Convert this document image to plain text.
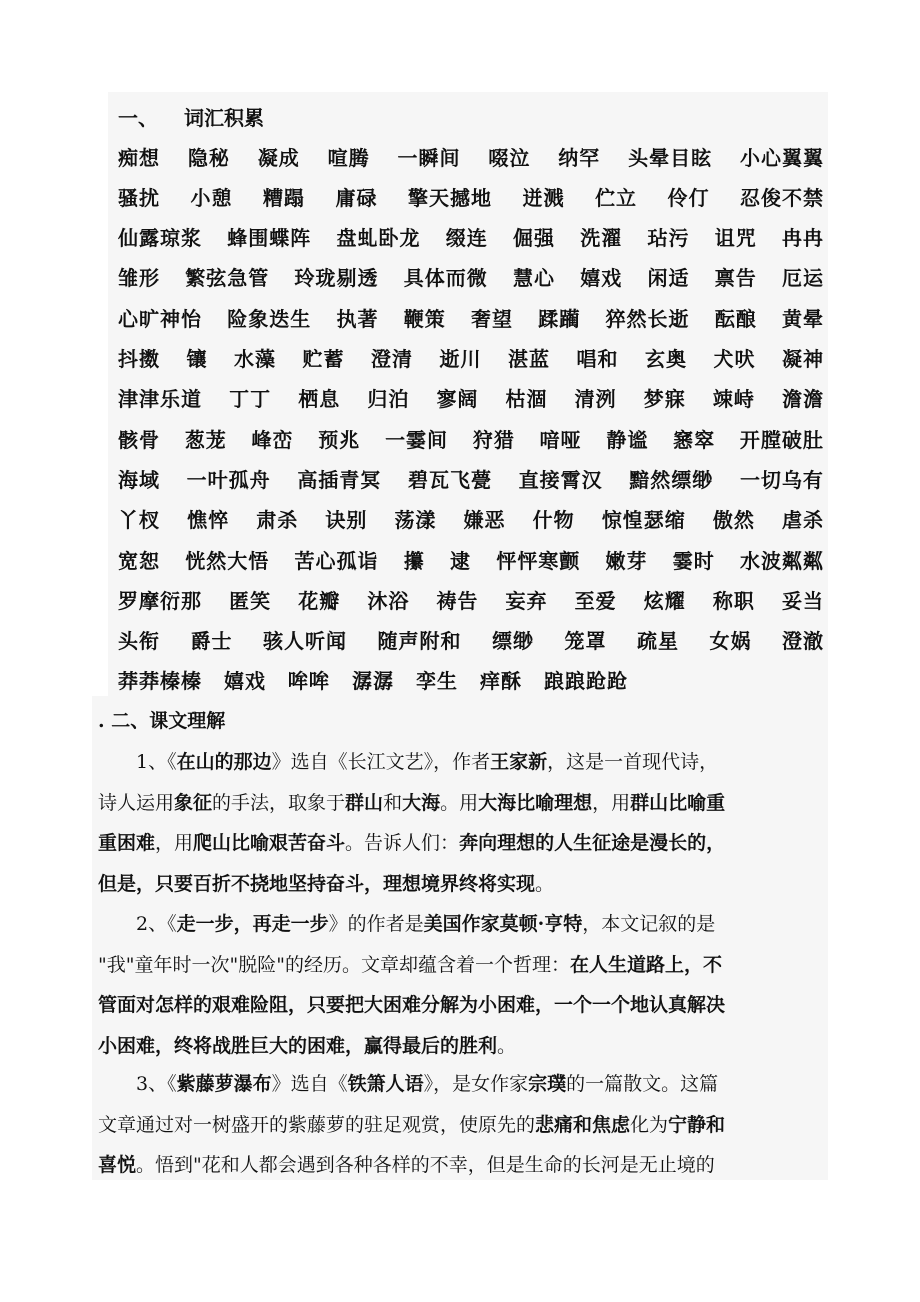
一、 词汇积累
痴想 隐秘 凝成 喧腾 一瞬间 啜泣 纳罕 头晕目眩 小心翼翼
骚扰 小憩 糟蹋 庸碌 擎天撼地 迸溅 伫立 伶仃 忍俊不禁
仙露琼浆 蜂围蝶阵 盘虬卧龙 缀连 倔强 洗濯 玷污 诅咒 冉冉
雏形 繁弦急管 玲珑剔透 具体而微 慧心 嬉戏 闲适 禀告 厄运
心旷神怡 险象迭生 执著 鞭策 奢望 蹂躏 猝然长逝 酝酿 黄晕
抖擞 镶 水藻 贮蓄 澄清 逝川 湛蓝 唱和 玄奥 犬吠 凝神
津津乐道 丁丁 栖息 归泊 寥阔 枯涸 清洌 梦寐 竦峙 澹澹
骸骨 葱茏 峰峦 预兆 一霎间 狩猎 喑哑 静谧 窸窣 开膛破肚
海域 一叶孤舟 高插青冥 碧瓦飞甍 直接霄汉 黯然缥缈 一切乌有
丫杈 憔悴 肃杀 诀别 荡漾 嫌恶 什物 惊惶瑟缩 傲然 虐杀
宽恕 恍然大悟 苦心孤诣 攥 逮 怦怦寒颤 嫩芽 霎时 水波粼粼
罗摩衍那 匿笑 花瓣 沐浴 祷告 妄弃 至爱 炫耀 称职 妥当
头衔 爵士 骇人听闻 随声附和 缥缈 笼罩 疏星 女娲 澄澈
莽莽榛榛 嬉戏 哞哞 潺潺 孪生 痒酥 踉踉跄跄
. 二、课文理解

1、《在山的那边》选自《长江文艺》，作者王家新，这是一首现代诗，

诗人运用象征的手法，取象于群山和大海。用大海比喻理想，用群山比喻重

重困难，用爬山比喻艰苦奋斗。告诉人们：奔向理想的人生征途是漫长的，

但是，只要百折不挠地坚持奋斗，理想境界终将实现。

2、《走一步，再走一步》的作者是美国作家莫顿·亨特，本文记叙的是

"我"童年时一次"脱险"的经历。文章却蕴含着一个哲理：在人生道路上，不

管面对怎样的艰难险阻，只要把大困难分解为小困难，一个一个地认真解决

小困难，终将战胜巨大的困难，赢得最后的胜利。

3、《紫藤萝瀑布》选自《铁箫人语》，是女作家宗璞的一篇散文。这篇

文章通过对一树盛开的紫藤萝的驻足观赏，使原先的悲痛和焦虑化为宁静和

喜悦。悟到"花和人都会遇到各种各样的不幸，但是生命的长河是无止境的
